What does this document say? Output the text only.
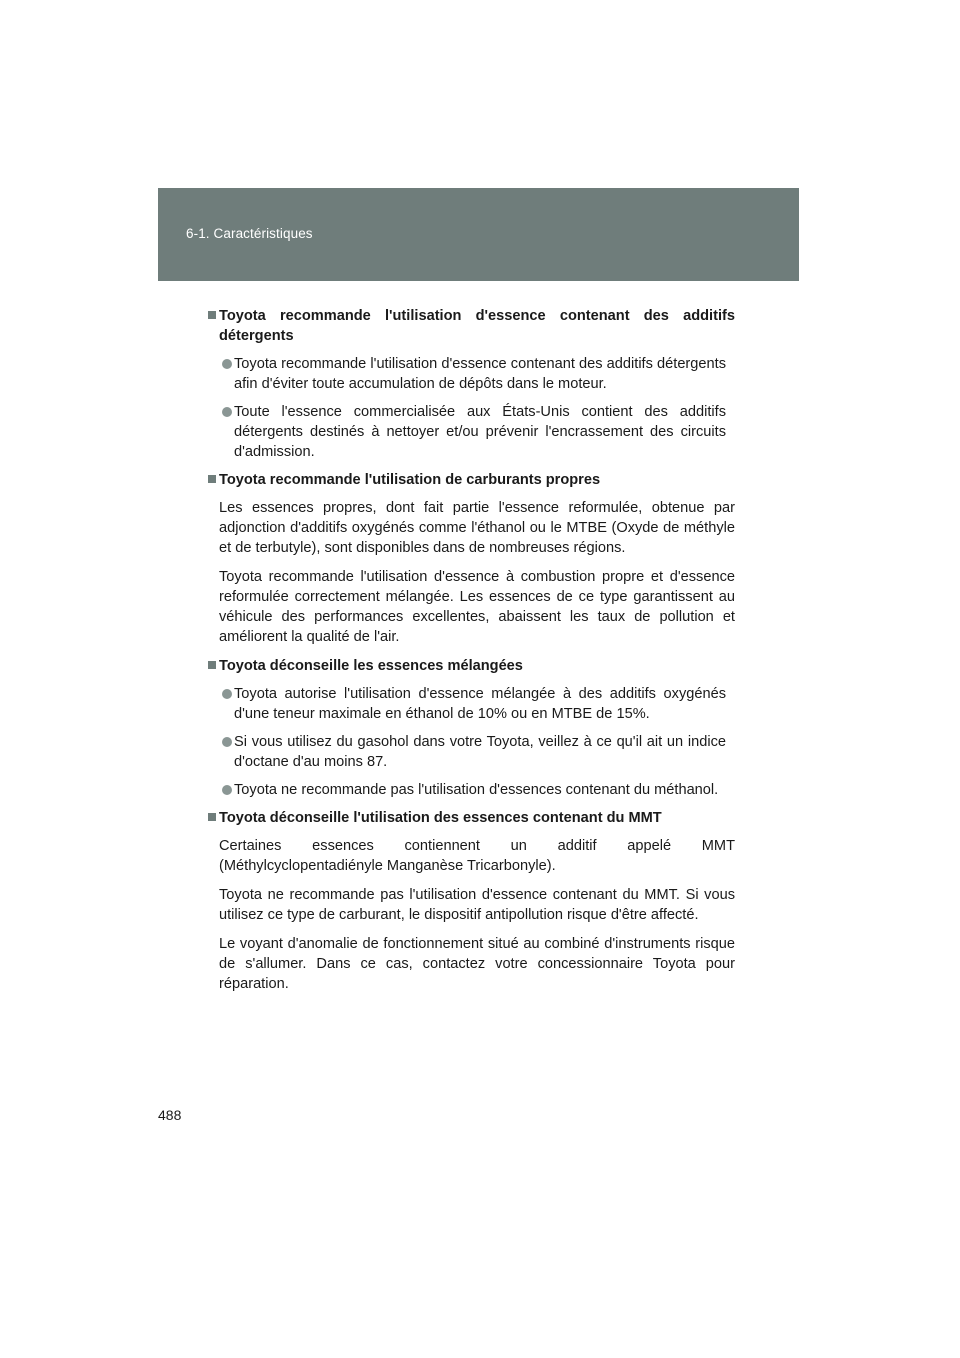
6-1. Caractéristiques
Toyota recommande l'utilisation d'essence contenant des additifs détergents
Toyota recommande l'utilisation d'essence contenant des additifs détergents afin d'éviter toute accumulation de dépôts dans le moteur.
Toute l'essence commercialisée aux États-Unis contient des additifs détergents destinés à nettoyer et/ou prévenir l'encrassement des circuits d'admission.
Toyota recommande l'utilisation de carburants propres
Les essences propres, dont fait partie l'essence reformulée, obtenue par adjonction d'additifs oxygénés comme l'éthanol ou le MTBE (Oxyde de méthyle et de terbutyle), sont disponibles dans de nombreuses régions.
Toyota recommande l'utilisation d'essence à combustion propre et d'essence reformulée correctement mélangée. Les essences de ce type garantissent au véhicule des performances excellentes, abaissent les taux de pollution et améliorent la qualité de l'air.
Toyota déconseille les essences mélangées
Toyota autorise l'utilisation d'essence mélangée à des additifs oxygénés d'une teneur maximale en éthanol de 10% ou en MTBE de 15%.
Si vous utilisez du gasohol dans votre Toyota, veillez à ce qu'il ait un indice d'octane d'au moins 87.
Toyota ne recommande pas l'utilisation d'essences contenant du méthanol.
Toyota déconseille l'utilisation des essences contenant du MMT
Certaines essences contiennent un additif appelé MMT (Méthylcyclopentadiényle Manganèse Tricarbonyle).
Toyota ne recommande pas l'utilisation d'essence contenant du MMT. Si vous utilisez ce type de carburant, le dispositif antipollution risque d'être affecté.
Le voyant d'anomalie de fonctionnement situé au combiné d'instruments risque de s'allumer. Dans ce cas, contactez votre concessionnaire Toyota pour réparation.
488
